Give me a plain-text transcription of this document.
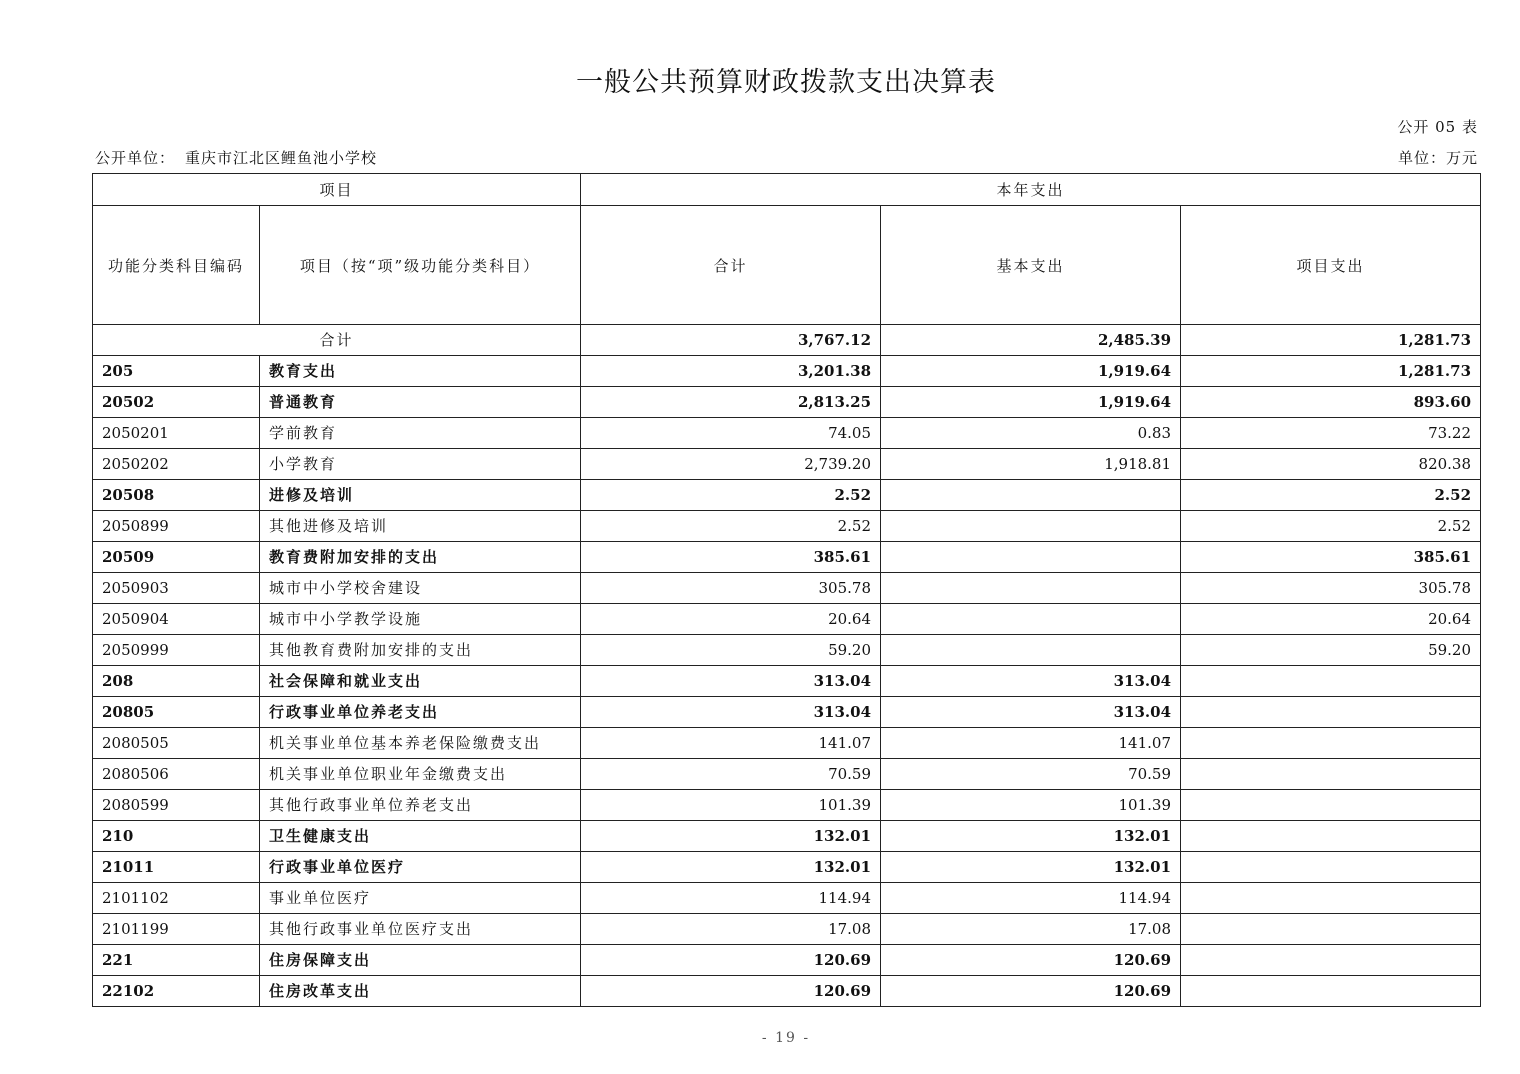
一般公共预算财政拨款支出决算表
公开 05 表
公开单位： 重庆市江北区鲤鱼池小学校	单位：万元
项目		本年支出		
功能分类科目编码	项目（按“项”级功能分类科目）	合计	基本支出	项目支出
合计		3,767.12	2,485.39	1,281.73
205	教育支出	3,201.38	1,919.64	1,281.73
20502	普通教育	2,813.25	1,919.64	893.60
2050201	学前教育	74.05	0.83	73.22
2050202	小学教育	2,739.20	1,918.81	820.38
20508	进修及培训	2.52		2.52
2050899	其他进修及培训	2.52		2.52
20509	教育费附加安排的支出	385.61		385.61
2050903	城市中小学校舍建设	305.78		305.78
2050904	城市中小学教学设施	20.64		20.64
2050999	其他教育费附加安排的支出	59.20		59.20
208	社会保障和就业支出	313.04	313.04	
20805	行政事业单位养老支出	313.04	313.04	
2080505	机关事业单位基本养老保险缴费支出	141.07	141.07	
2080506	机关事业单位职业年金缴费支出	70.59	70.59	
2080599	其他行政事业单位养老支出	101.39	101.39	
210	卫生健康支出	132.01	132.01	
21011	行政事业单位医疗	132.01	132.01	
2101102	事业单位医疗	114.94	114.94	
2101199	其他行政事业单位医疗支出	17.08	17.08	
221	住房保障支出	120.69	120.69	
22102	住房改革支出	120.69	120.69	
- 19 -
